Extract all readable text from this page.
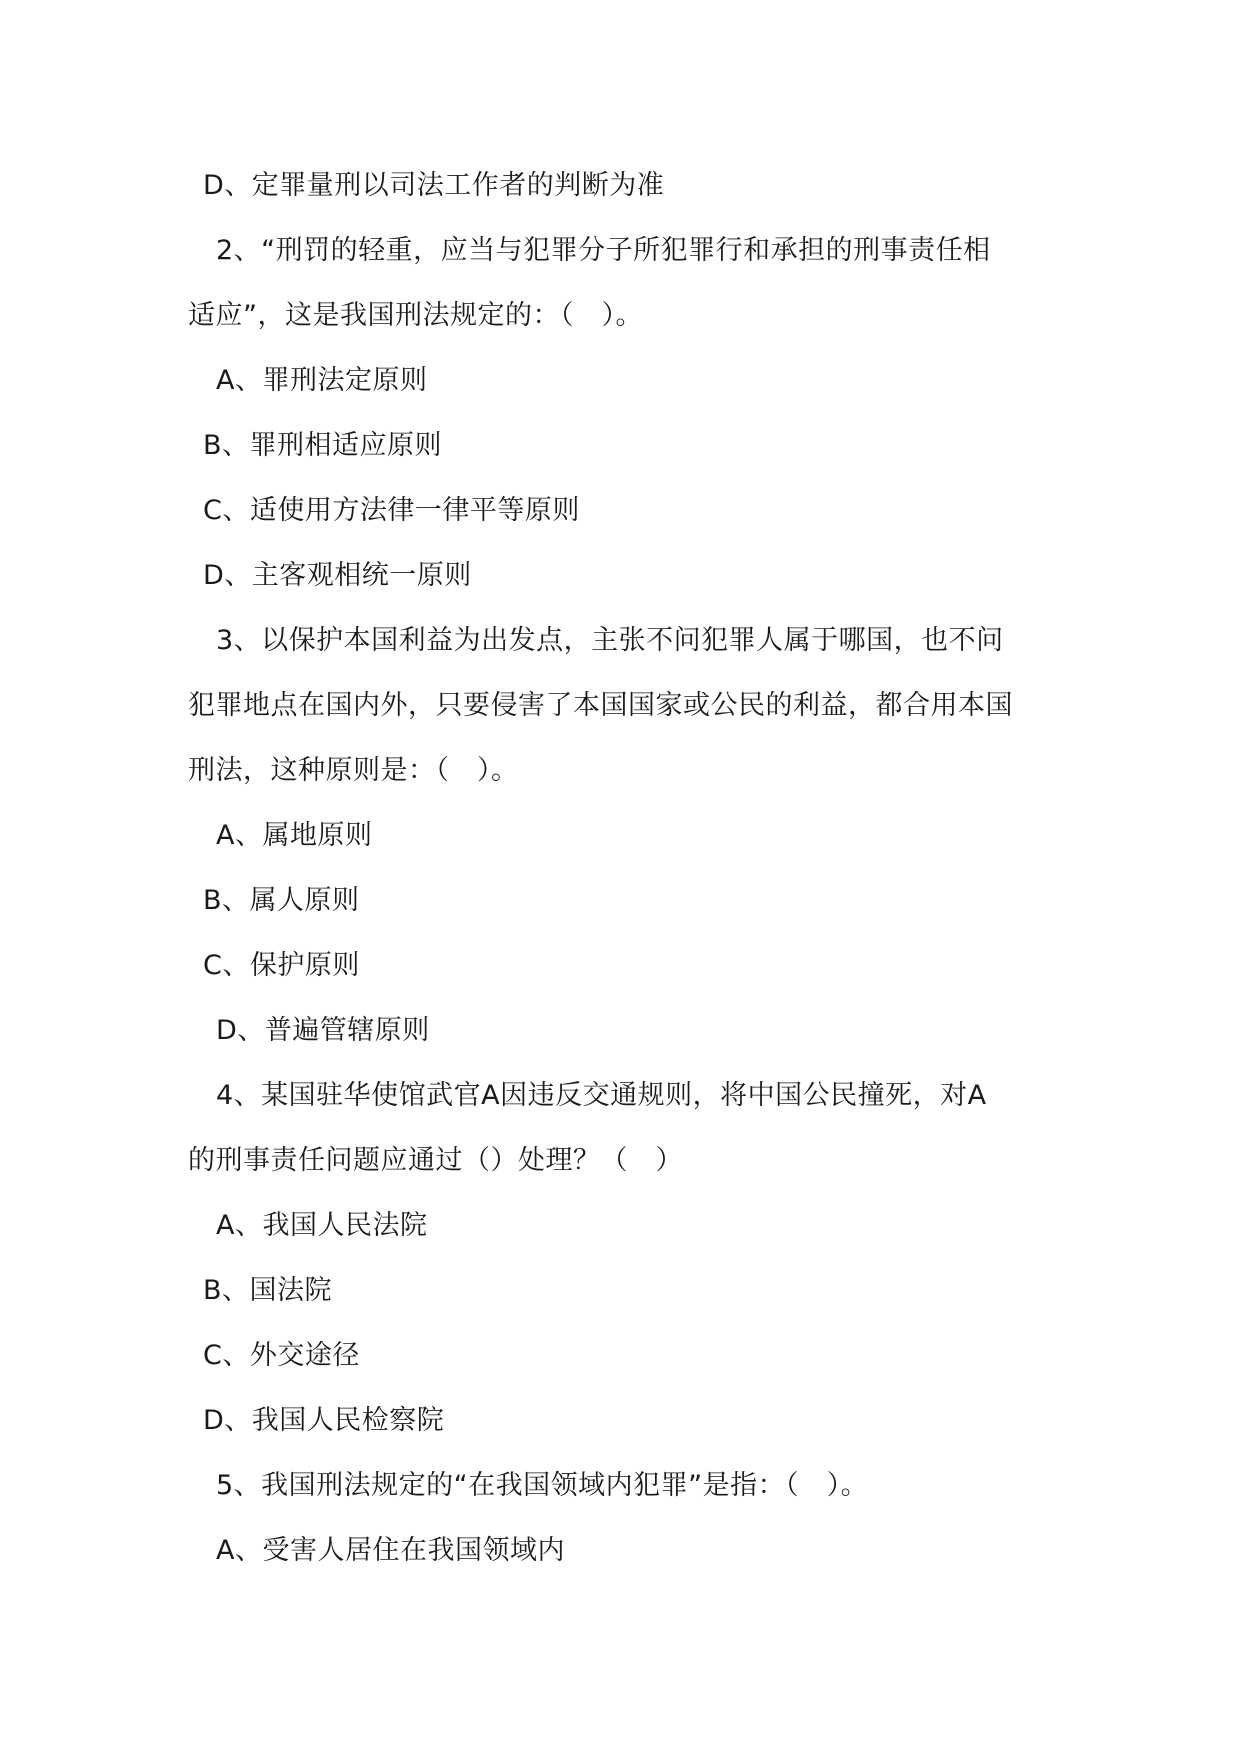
D、定罪量刑以司法工作者的判断为准
2、“刑罚的轻重，应当与犯罪分子所犯罪行和承担的刑事责任相
适应”，这是我国刑法规定的：（　）。
A、罪刑法定原则
B、罪刑相适应原则
C、适使用方法律一律平等原则
D、主客观相统一原则
3、以保护本国利益为出发点，主张不问犯罪人属于哪国，也不问
犯罪地点在国内外，只要侵害了本国国家或公民的利益，都合用本国
刑法，这种原则是：（　）。
A、属地原则
B、属人原则
C、保护原则
D、普遍管辖原则
4、某国驻华使馆武官A因违反交通规则，将中国公民撞死，对A
的刑事责任问题应通过（）处理？（　）
A、我国人民法院
B、国法院
C、外交途径
D、我国人民检察院
5、我国刑法规定的“在我国领域内犯罪”是指：（　）。
A、受害人居住在我国领域内
